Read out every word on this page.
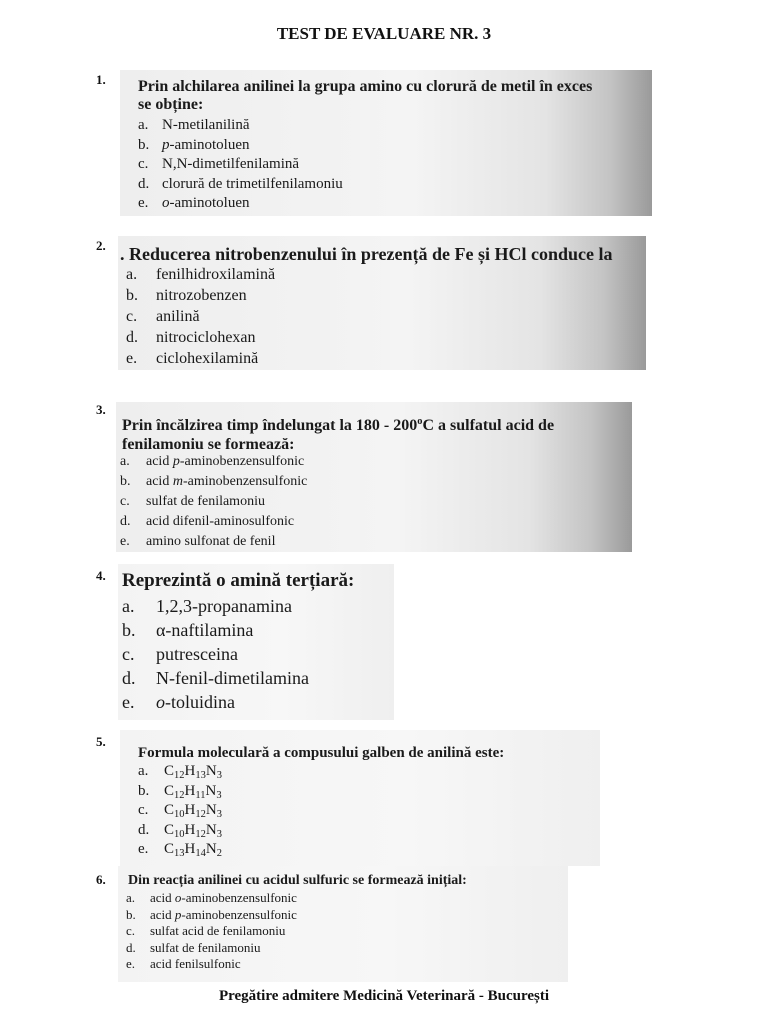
TEST DE EVALUARE NR. 3
1. Prin alchilarea anilinei la grupa amino cu clorură de metil în exces
se obține:
a. N-metilanilină
b. p-aminotoluen
c. N,N-dimetilfenilamină
d. clorură de trimetilfenilamoniu
e. o-aminotoluen
2. . Reducerea nitrobenzenului în prezență de Fe și HCl conduce la
a. fenilhidroxilamină
b. nitrozobenzen
c. anilină
d. nitrociclohexan
e. ciclohexilamină
3.
Prin încălzirea timp îndelungat la 180 - 200$^o$C a sulfatul acid de
fenilamoniu se formează:
a. acid p-aminobenzensulfonic
b. acid m-aminobenzensulfonic
c. sulfat de fenilamoniu
d. acid difenil-aminosulfonic
e. amino sulfonat de fenil
4. Reprezintă o amină terțiară:
a. 1,2,3-propanamina
b. α-naftilamina
c. putresceina
d. N-fenil-dimetilamina
e. o-toluidina
5.
Formula moleculară a compusului galben de anilină este:
a. $C_{12}H_{13}N_3$
b. $C_{12}H_{11}N_3$
c. $C_{10}H_{12}N_3$
d. $C_{10}H_{12}N_3$
e. $C_{13}H_{14}N_2$
6. Din reacția anilinei cu acidul sulfuric se formează inițial:
a. acid o-aminobenzensulfonic
b. acid p-aminobenzensulfonic
c. sulfat acid de fenilamoniu
d. sulfat de fenilamoniu
e. acid fenilsulfonic
Pregătire admitere Medicină Veterinară - București
